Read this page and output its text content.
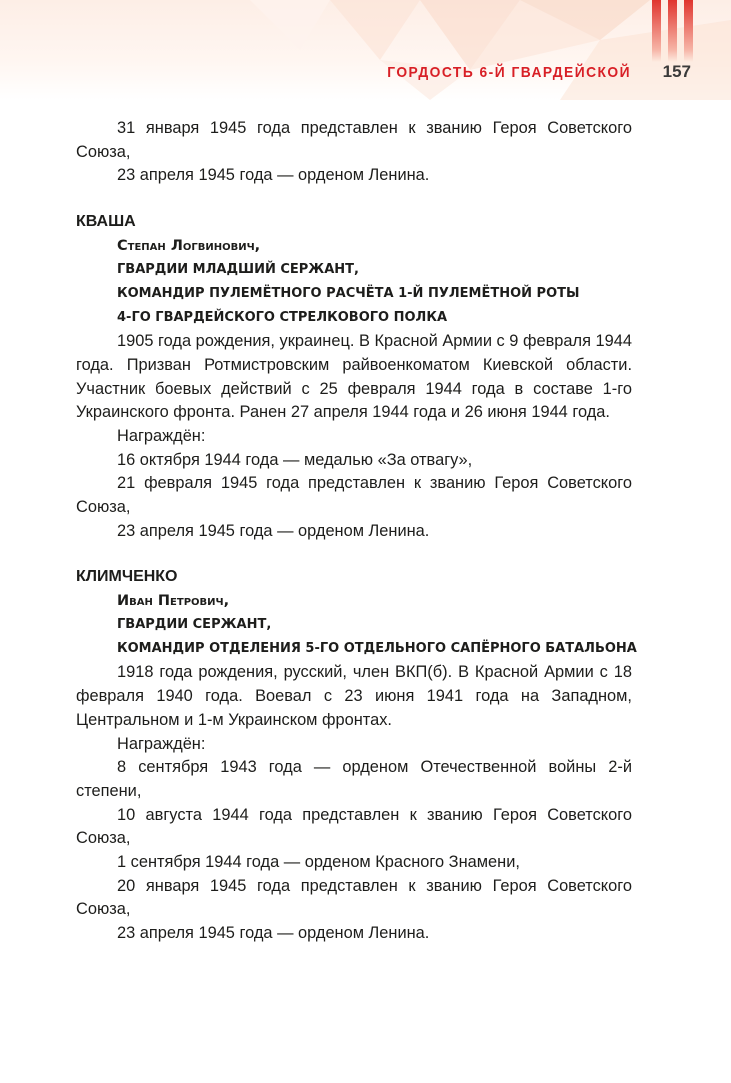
ГОРДОСТЬ 6-Й ГВАРДЕЙСКОЙ 157

31 января 1945 года представлен к званию Героя Советского Союза,

23 апреля 1945 года — орденом Ленина.

КВАША

Степан Логвинович,

ГВАРДИИ МЛАДШИЙ СЕРЖАНТ,

КОМАНДИР ПУЛЕМЁТНОГО РАСЧЁТА 1-Й ПУЛЕМЁТНОЙ РОТЫ

4-ГО ГВАРДЕЙСКОГО СТРЕЛКОВОГО ПОЛКА

1905 года рождения, украинец. В Красной Армии с 9 февраля 1944 года. Призван Ротмистровским райвоенкоматом Киевской области. Участник боевых действий с 25 февраля 1944 года в составе 1-го Украинского фронта. Ранен 27 апреля 1944 года и 26 июня 1944 года.

Награждён:

16 октября 1944 года — медалью «За отвагу»,

21 февраля 1945 года представлен к званию Героя Советского Союза,

23 апреля 1945 года — орденом Ленина.

КЛИМЧЕНКО

Иван Петрович,

ГВАРДИИ СЕРЖАНТ,

КОМАНДИР ОТДЕЛЕНИЯ 5-ГО ОТДЕЛЬНОГО САПЁРНОГО БАТАЛЬОНА

1918 года рождения, русский, член ВКП(б). В Красной Армии с 18 февраля 1940 года. Воевал с 23 июня 1941 года на Западном, Центральном и 1-м Украинском фронтах.

Награждён:

8 сентября 1943 года — орденом Отечественной войны 2-й степени,

10 августа 1944 года представлен к званию Героя Советского Союза,

1 сентября 1944 года — орденом Красного Знамени,

20 января 1945 года представлен к званию Героя Советского Союза,

23 апреля 1945 года — орденом Ленина.
